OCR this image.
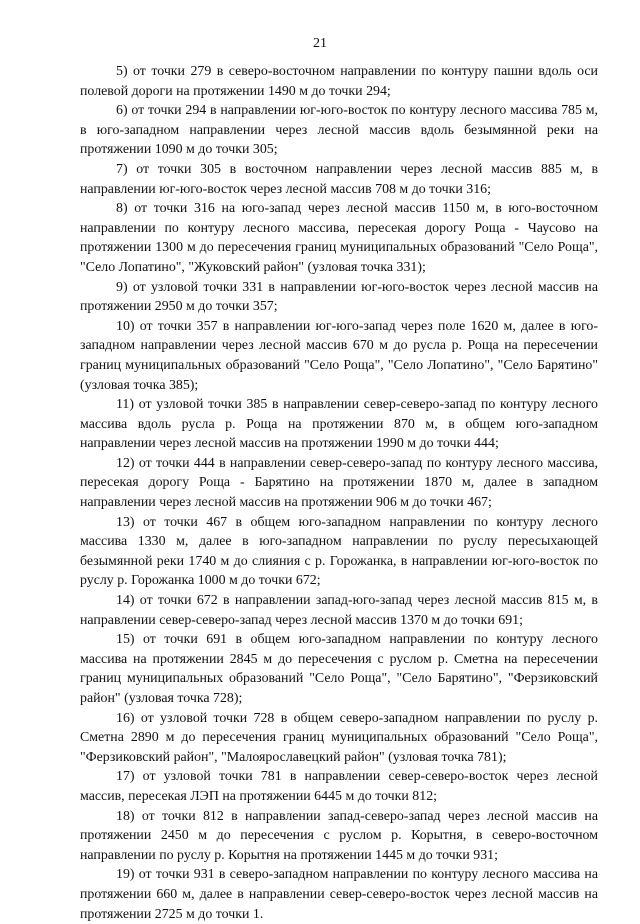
21

5) от точки 279 в северо-восточном направлении по контуру пашни вдоль оси полевой дороги на протяжении 1490 м до точки 294;

6) от точки 294 в направлении юг-юго-восток по контуру лесного массива 785 м, в юго-западном направлении через лесной массив вдоль безымянной реки на протяжении 1090 м до точки 305;

7) от точки 305 в восточном направлении через лесной массив 885 м, в направлении юг-юго-восток через лесной массив 708 м до точки 316;

8) от точки 316 на юго-запад через лесной массив 1150 м, в юго-восточном направлении по контуру лесного массива, пересекая дорогу Роща - Чаусово на протяжении 1300 м до пересечения границ муниципальных образований "Село Роща", "Село Лопатино", "Жуковский район" (узловая точка 331);

9) от узловой точки 331 в направлении юг-юго-восток через лесной массив на протяжении 2950 м до точки 357;

10) от точки 357 в направлении юг-юго-запад через поле 1620 м, далее в юго-западном направлении через лесной массив 670 м до русла р. Роща на пересечении границ муниципальных образований "Село Роща", "Село Лопатино", "Село Барятино" (узловая точка 385);

11) от узловой точки 385 в направлении север-северо-запад по контуру лесного массива вдоль русла р. Роща на протяжении 870 м, в общем юго-западном направлении через лесной массив на протяжении 1990 м до точки 444;

12) от точки 444 в направлении север-северо-запад по контуру лесного массива, пересекая дорогу Роща - Барятино на протяжении 1870 м, далее в западном направлении через лесной массив на протяжении 906 м до точки 467;

13) от точки 467 в общем юго-западном направлении по контуру лесного массива 1330 м, далее в юго-западном направлении по руслу пересыхающей безымянной реки 1740 м до слияния с р. Горожанка, в направлении юг-юго-восток по руслу р. Горожанка 1000 м до точки 672;

14) от точки 672 в направлении запад-юго-запад через лесной массив 815 м, в направлении север-северо-запад через лесной массив 1370 м до точки 691;

15) от точки 691 в общем юго-западном направлении по контуру лесного массива на протяжении 2845 м до пересечения с руслом р. Сметна на пересечении границ муниципальных образований "Село Роща", "Село Барятино", "Ферзиковский район" (узловая точка 728);

16) от узловой точки 728 в общем северо-западном направлении по руслу р. Сметна 2890 м до пересечения границ муниципальных образований "Село Роща", "Ферзиковский район", "Малоярославецкий район" (узловая точка 781);

17) от узловой точки 781 в направлении север-северо-восток через лесной массив, пересекая ЛЭП на протяжении 6445 м до точки 812;

18) от точки 812 в направлении запад-северо-запад через лесной массив на протяжении 2450 м до пересечения с руслом р. Корытня, в северо-восточном направлении по руслу р. Корытня на протяжении 1445 м до точки 931;

19) от точки 931 в северо-западном направлении по контуру лесного массива на протяжении 660 м, далее в направлении север-северо-восток через лесной массив на протяжении 2725 м до точки 1.
